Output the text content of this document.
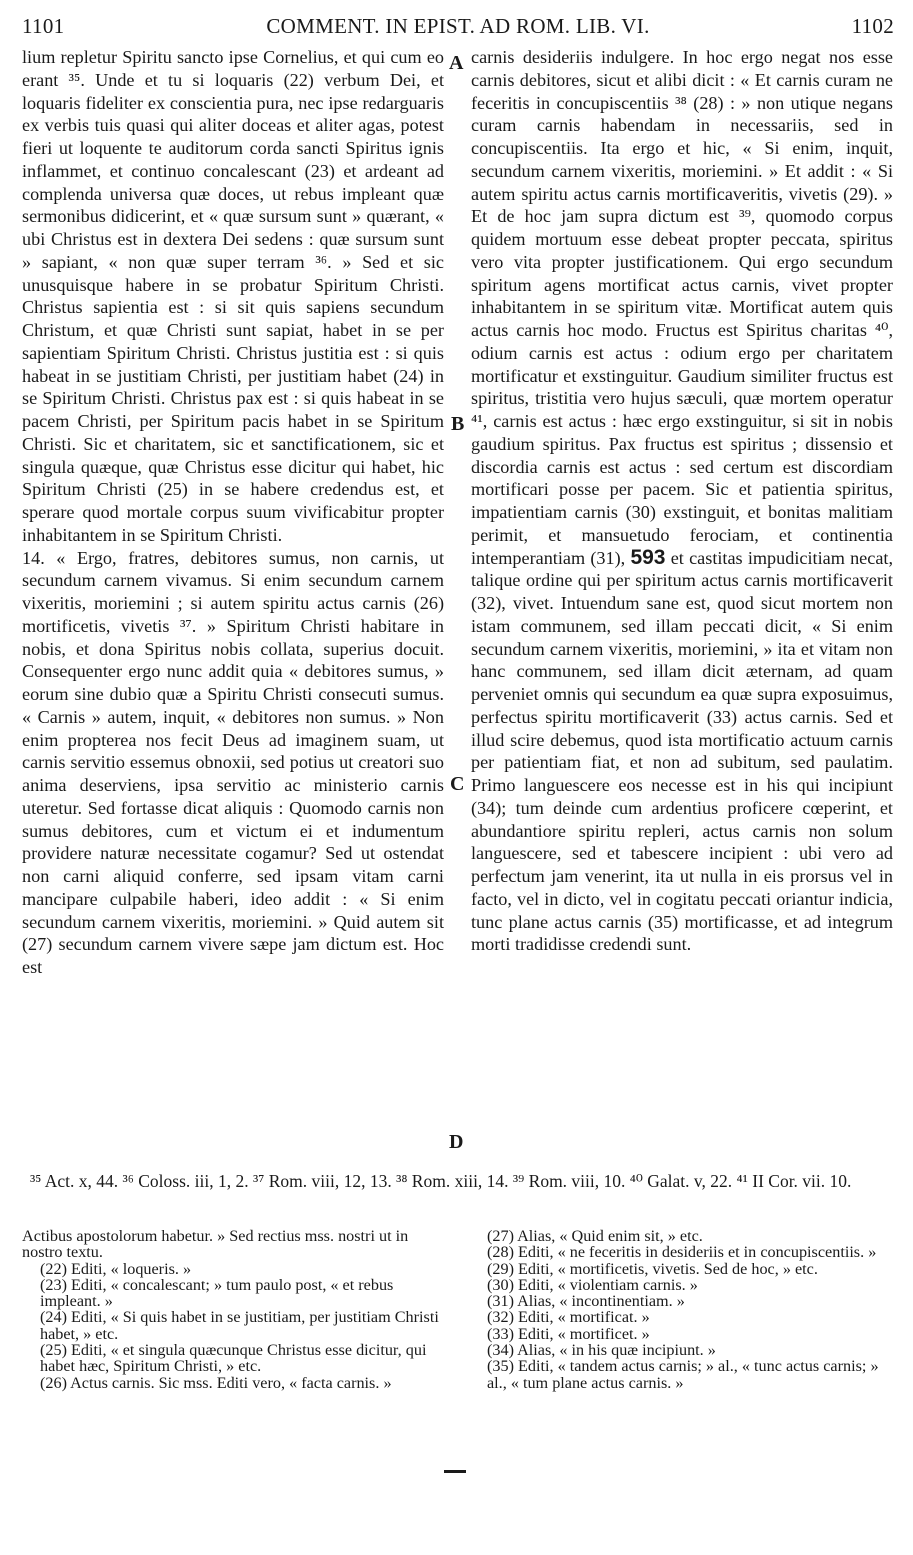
1101	COMMENT. IN EPIST. AD ROM. LIB. VI.	1102
A
B
C
D

lium repletur Spiritu sancto ipse Cornelius, et qui cum eo erant ³⁵. Unde et tu si loquaris (22) verbum Dei, et loquaris fideliter ex conscientia pura, nec ipse redarguaris ex verbis tuis quasi qui aliter doceas et aliter agas, potest fieri ut loquente te auditorum corda sancti Spiritus ignis inflammet, et continuo concalescant (23) et ardeant ad complenda universa quæ doces, ut rebus impleant quæ sermonibus didicerint, et « quæ sursum sunt » quærant, « ubi Christus est in dextera Dei sedens : quæ sursum sunt » sapiant, « non quæ super terram ³⁶. » Sed et sic unusquisque habere in se probatur Spiritum Christi. Christus sapientia est : si sit quis sapiens secundum Christum, et quæ Christi sunt sapiat, habet in se per sapientiam Spiritum Christi. Christus justitia est : si quis habeat in se justitiam Christi, per justitiam habet (24) in se Spiritum Christi. Christus pax est : si quis habeat in se pacem Christi, per Spiritum pacis habet in se Spiritum Christi. Sic et charitatem, sic et sanctificationem, sic et singula quæque, quæ Christus esse dicitur qui habet, hic Spiritum Christi (25) in se habere credendus est, et sperare quod mortale corpus suum vivificabitur propter inhabitantem in se Spiritum Christi.

14. « Ergo, fratres, debitores sumus, non carnis, ut secundum carnem vivamus. Si enim secundum carnem vixeritis, moriemini ; si autem spiritu actus carnis (26) mortificetis, vivetis ³⁷. » Spiritum Christi habitare in nobis, et dona Spiritus nobis collata, superius docuit. Consequenter ergo nunc addit quia « debitores sumus, » eorum sine dubio quæ a Spiritu Christi consecuti sumus. « Carnis » autem, inquit, « debitores non sumus. » Non enim propterea nos fecit Deus ad imaginem suam, ut carnis servitio essemus obnoxii, sed potius ut creatori suo anima deserviens, ipsa servitio ac ministerio carnis uteretur. Sed fortasse dicat aliquis : Quomodo carnis non sumus debitores, cum et victum ei et indumentum providere naturæ necessitate cogamur? Sed ut ostendat non carni aliquid conferre, sed ipsam vitam carni mancipare culpabile haberi, ideo addit : « Si enim secundum carnem vixeritis, moriemini. » Quid autem sit (27) secundum carnem vivere sæpe jam dictum est. Hoc est

carnis desideriis indulgere. In hoc ergo negat nos esse carnis debitores, sicut et alibi dicit : « Et carnis curam ne feceritis in concupiscentiis ³⁸ (28) : » non utique negans curam carnis habendam in necessariis, sed in concupiscentiis. Ita ergo et hic, « Si enim, inquit, secundum carnem vixeritis, moriemini. » Et addit : « Si autem spiritu actus carnis mortificaveritis, vivetis (29). » Et de hoc jam supra dictum est ³⁹, quomodo corpus quidem mortuum esse debeat propter peccata, spiritus vero vita propter justificationem. Qui ergo secundum spiritum agens mortificat actus carnis, vivet propter inhabitantem in se spiritum vitæ. Mortificat autem quis actus carnis hoc modo. Fructus est Spiritus charitas ⁴⁰, odium carnis est actus : odium ergo per charitatem mortificatur et exstinguitur. Gaudium similiter fructus est spiritus, tristitia vero hujus sæculi, quæ mortem operatur ⁴¹, carnis est actus : hæc ergo exstinguitur, si sit in nobis gaudium spiritus. Pax fructus est spiritus ; dissensio et discordia carnis est actus : sed certum est discordiam mortificari posse per pacem. Sic et patientia spiritus, impatientiam carnis (30) exstinguit, et bonitas malitiam perimit, et mansuetudo ferociam, et continentia intemperantiam (31), 593 et castitas impudicitiam necat, talique ordine qui per spiritum actus carnis mortificaverit (32), vivet. Intuendum sane est, quod sicut mortem non istam communem, sed illam peccati dicit, « Si enim secundum carnem vixeritis, moriemini, » ita et vitam non hanc communem, sed illam dicit æternam, ad quam perveniet omnis qui secundum ea quæ supra exposuimus, perfectus spiritu mortificaverit (33) actus carnis. Sed et illud scire debemus, quod ista mortificatio actuum carnis per patientiam fiat, et non ad subitum, sed paulatim. Primo languescere eos necesse est in his qui incipiunt (34); tum deinde cum ardentius proficere cœperint, et abundantiore spiritu repleri, actus carnis non solum languescere, sed et tabescere incipient : ubi vero ad perfectum jam venerint, ita ut nulla in eis prorsus vel in facto, vel in dicto, vel in cogitatu peccati oriantur indicia, tunc plane actus carnis (35) mortificasse, et ad integrum morti tradidisse credendi sunt.

³⁵ Act. x, 44. ³⁶ Coloss. iii, 1, 2. ³⁷ Rom. viii, 12, 13. ³⁸ Rom. xiii, 14. ³⁹ Rom. viii, 10. ⁴⁰ Galat. v, 22. ⁴¹ II Cor. vii. 10.

Actibus apostolorum habetur. » Sed rectius mss. nostri ut in nostro textu.

(22) Editi, « loqueris. »

(23) Editi, « concalescant; » tum paulo post, « et rebus impleant. »

(24) Editi, « Si quis habet in se justitiam, per justitiam Christi habet, » etc.

(25) Editi, « et singula quæcunque Christus esse dicitur, qui habet hæc, Spiritum Christi, » etc.

(26) Actus carnis. Sic mss. Editi vero, « facta carnis. »

(27) Alias, « Quid enim sit, » etc.

(28) Editi, « ne feceritis in desideriis et in concupiscentiis. »

(29) Editi, « mortificetis, vivetis. Sed de hoc, » etc.

(30) Editi, « violentiam carnis. »

(31) Alias, « incontinentiam. »

(32) Editi, « mortificat. »

(33) Editi, « mortificet. »

(34) Alias, « in his quæ incipiunt. »

(35) Editi, « tandem actus carnis; » al., « tunc actus carnis; » al., « tum plane actus carnis. »
